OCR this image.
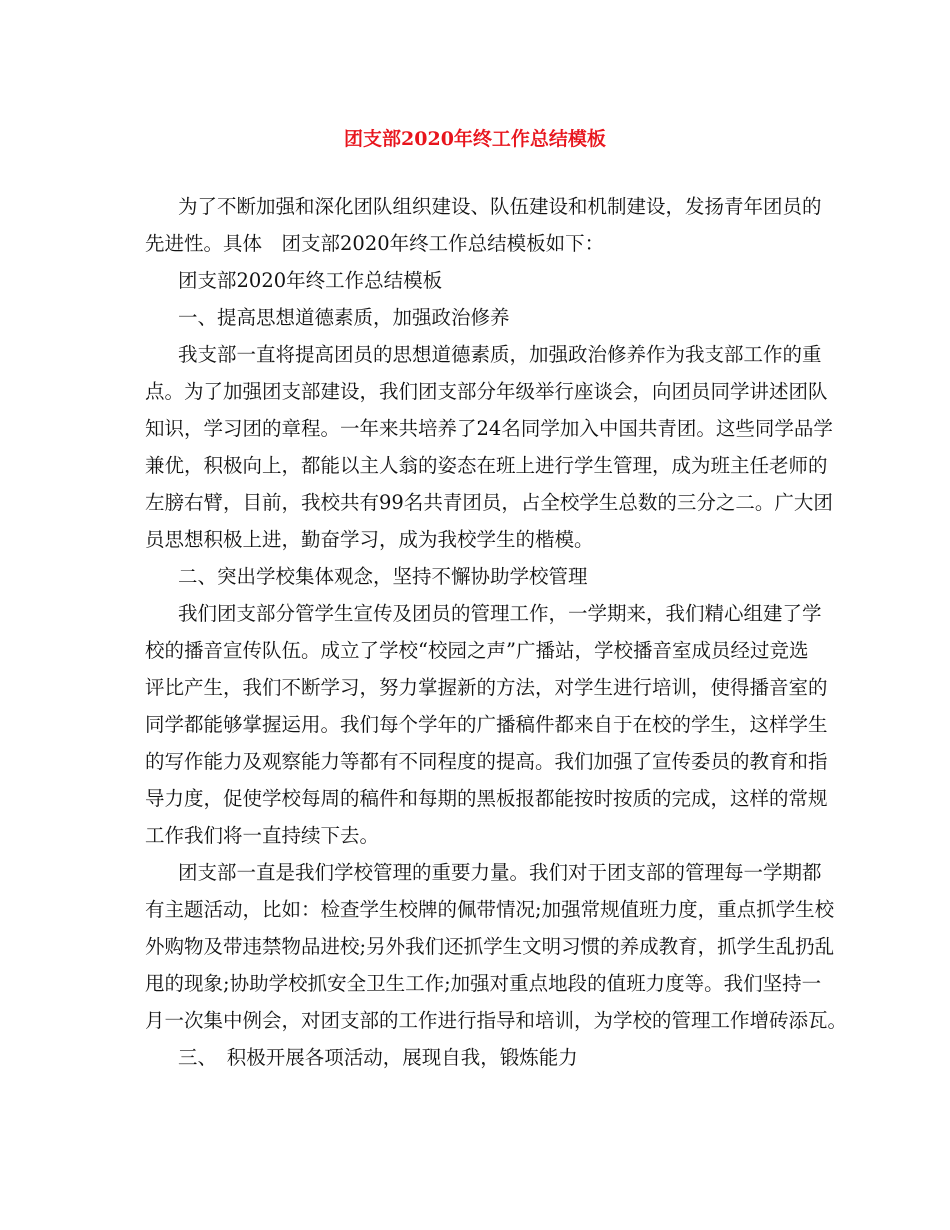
团支部2020年终工作总结模板
为了不断加强和深化团队组织建设、队伍建设和机制建设，发扬青年团员的
先进性。具体　团支部2020年终工作总结模板如下：
团支部2020年终工作总结模板
一、提高思想道德素质，加强政治修养
我支部一直将提高团员的思想道德素质，加强政治修养作为我支部工作的重
点。为了加强团支部建设，我们团支部分年级举行座谈会，向团员同学讲述团队
知识，学习团的章程。一年来共培养了24名同学加入中国共青团。这些同学品学
兼优，积极向上，都能以主人翁的姿态在班上进行学生管理，成为班主任老师的
左膀右臂，目前，我校共有99名共青团员，占全校学生总数的三分之二。广大团
员思想积极上进，勤奋学习，成为我校学生的楷模。
二、突出学校集体观念，坚持不懈协助学校管理
我们团支部分管学生宣传及团员的管理工作，一学期来，我们精心组建了学
校的播音宣传队伍。成立了学校“校园之声”广播站，学校播音室成员经过竞选
评比产生，我们不断学习，努力掌握新的方法，对学生进行培训，使得播音室的
同学都能够掌握运用。我们每个学年的广播稿件都来自于在校的学生，这样学生
的写作能力及观察能力等都有不同程度的提高。我们加强了宣传委员的教育和指
导力度，促使学校每周的稿件和每期的黑板报都能按时按质的完成，这样的常规
工作我们将一直持续下去。
团支部一直是我们学校管理的重要力量。我们对于团支部的管理每一学期都
有主题活动，比如：检查学生校牌的佩带情况;加强常规值班力度，重点抓学生校
外购物及带违禁物品进校;另外我们还抓学生文明习惯的养成教育，抓学生乱扔乱
甩的现象;协助学校抓安全卫生工作;加强对重点地段的值班力度等。我们坚持一
月一次集中例会，对团支部的工作进行指导和培训，为学校的管理工作增砖添瓦。
三、　积极开展各项活动，展现自我，锻炼能力
